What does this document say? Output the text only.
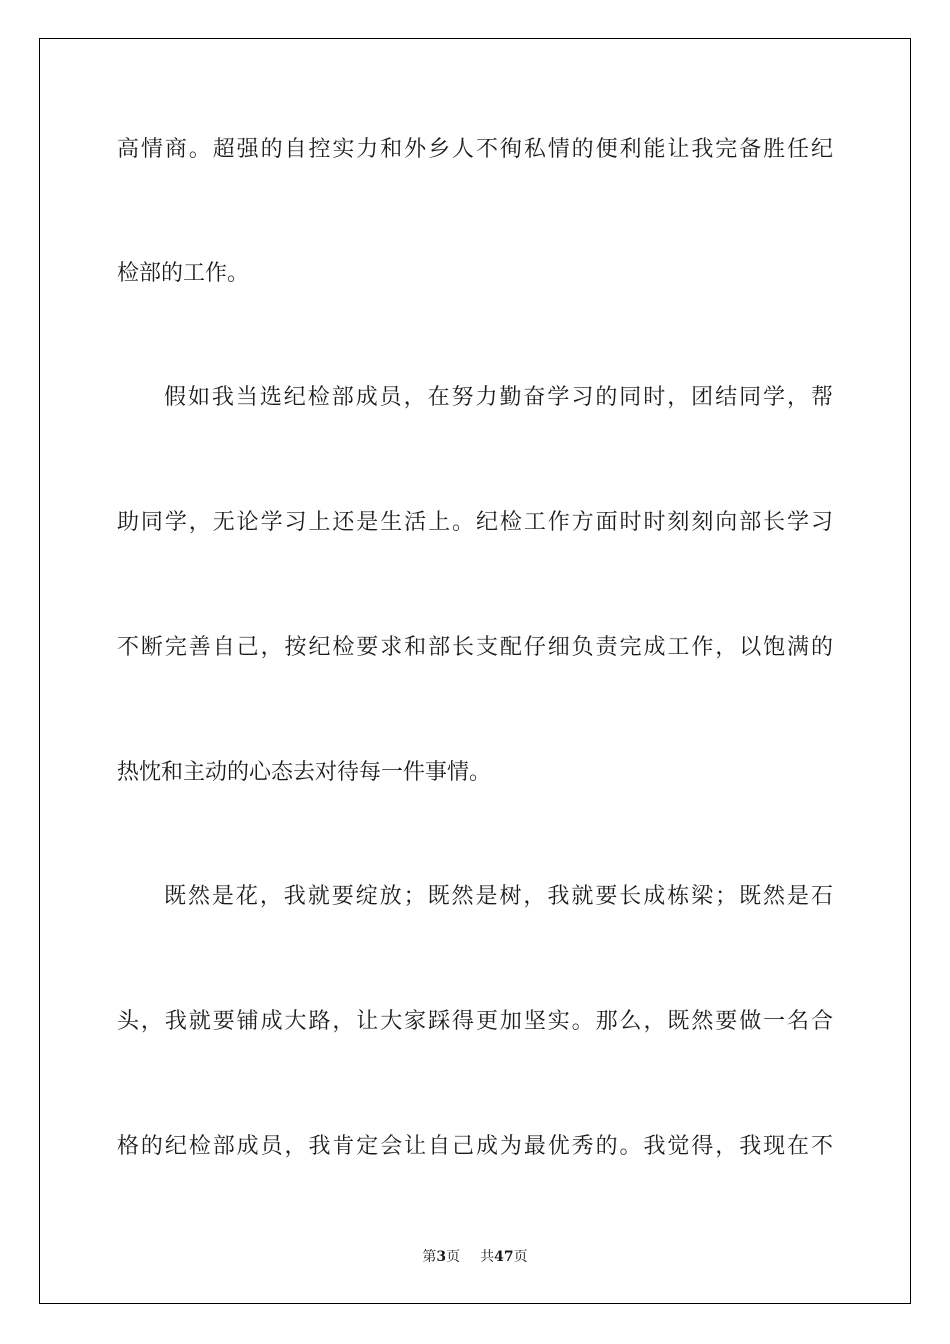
高情商。超强的自控实力和外乡人不徇私情的便利能让我完备胜任纪
检部的工作。
假如我当选纪检部成员，在努力勤奋学习的同时，团结同学，帮
助同学，无论学习上还是生活上。纪检工作方面时时刻刻向部长学习
不断完善自己，按纪检要求和部长支配仔细负责完成工作，以饱满的
热忱和主动的心态去对待每一件事情。
既然是花，我就要绽放；既然是树，我就要长成栋梁；既然是石
头，我就要铺成大路，让大家踩得更加坚实。那么，既然要做一名合
格的纪检部成员，我肯定会让自己成为最优秀的。我觉得，我现在不
第3页 共47页
